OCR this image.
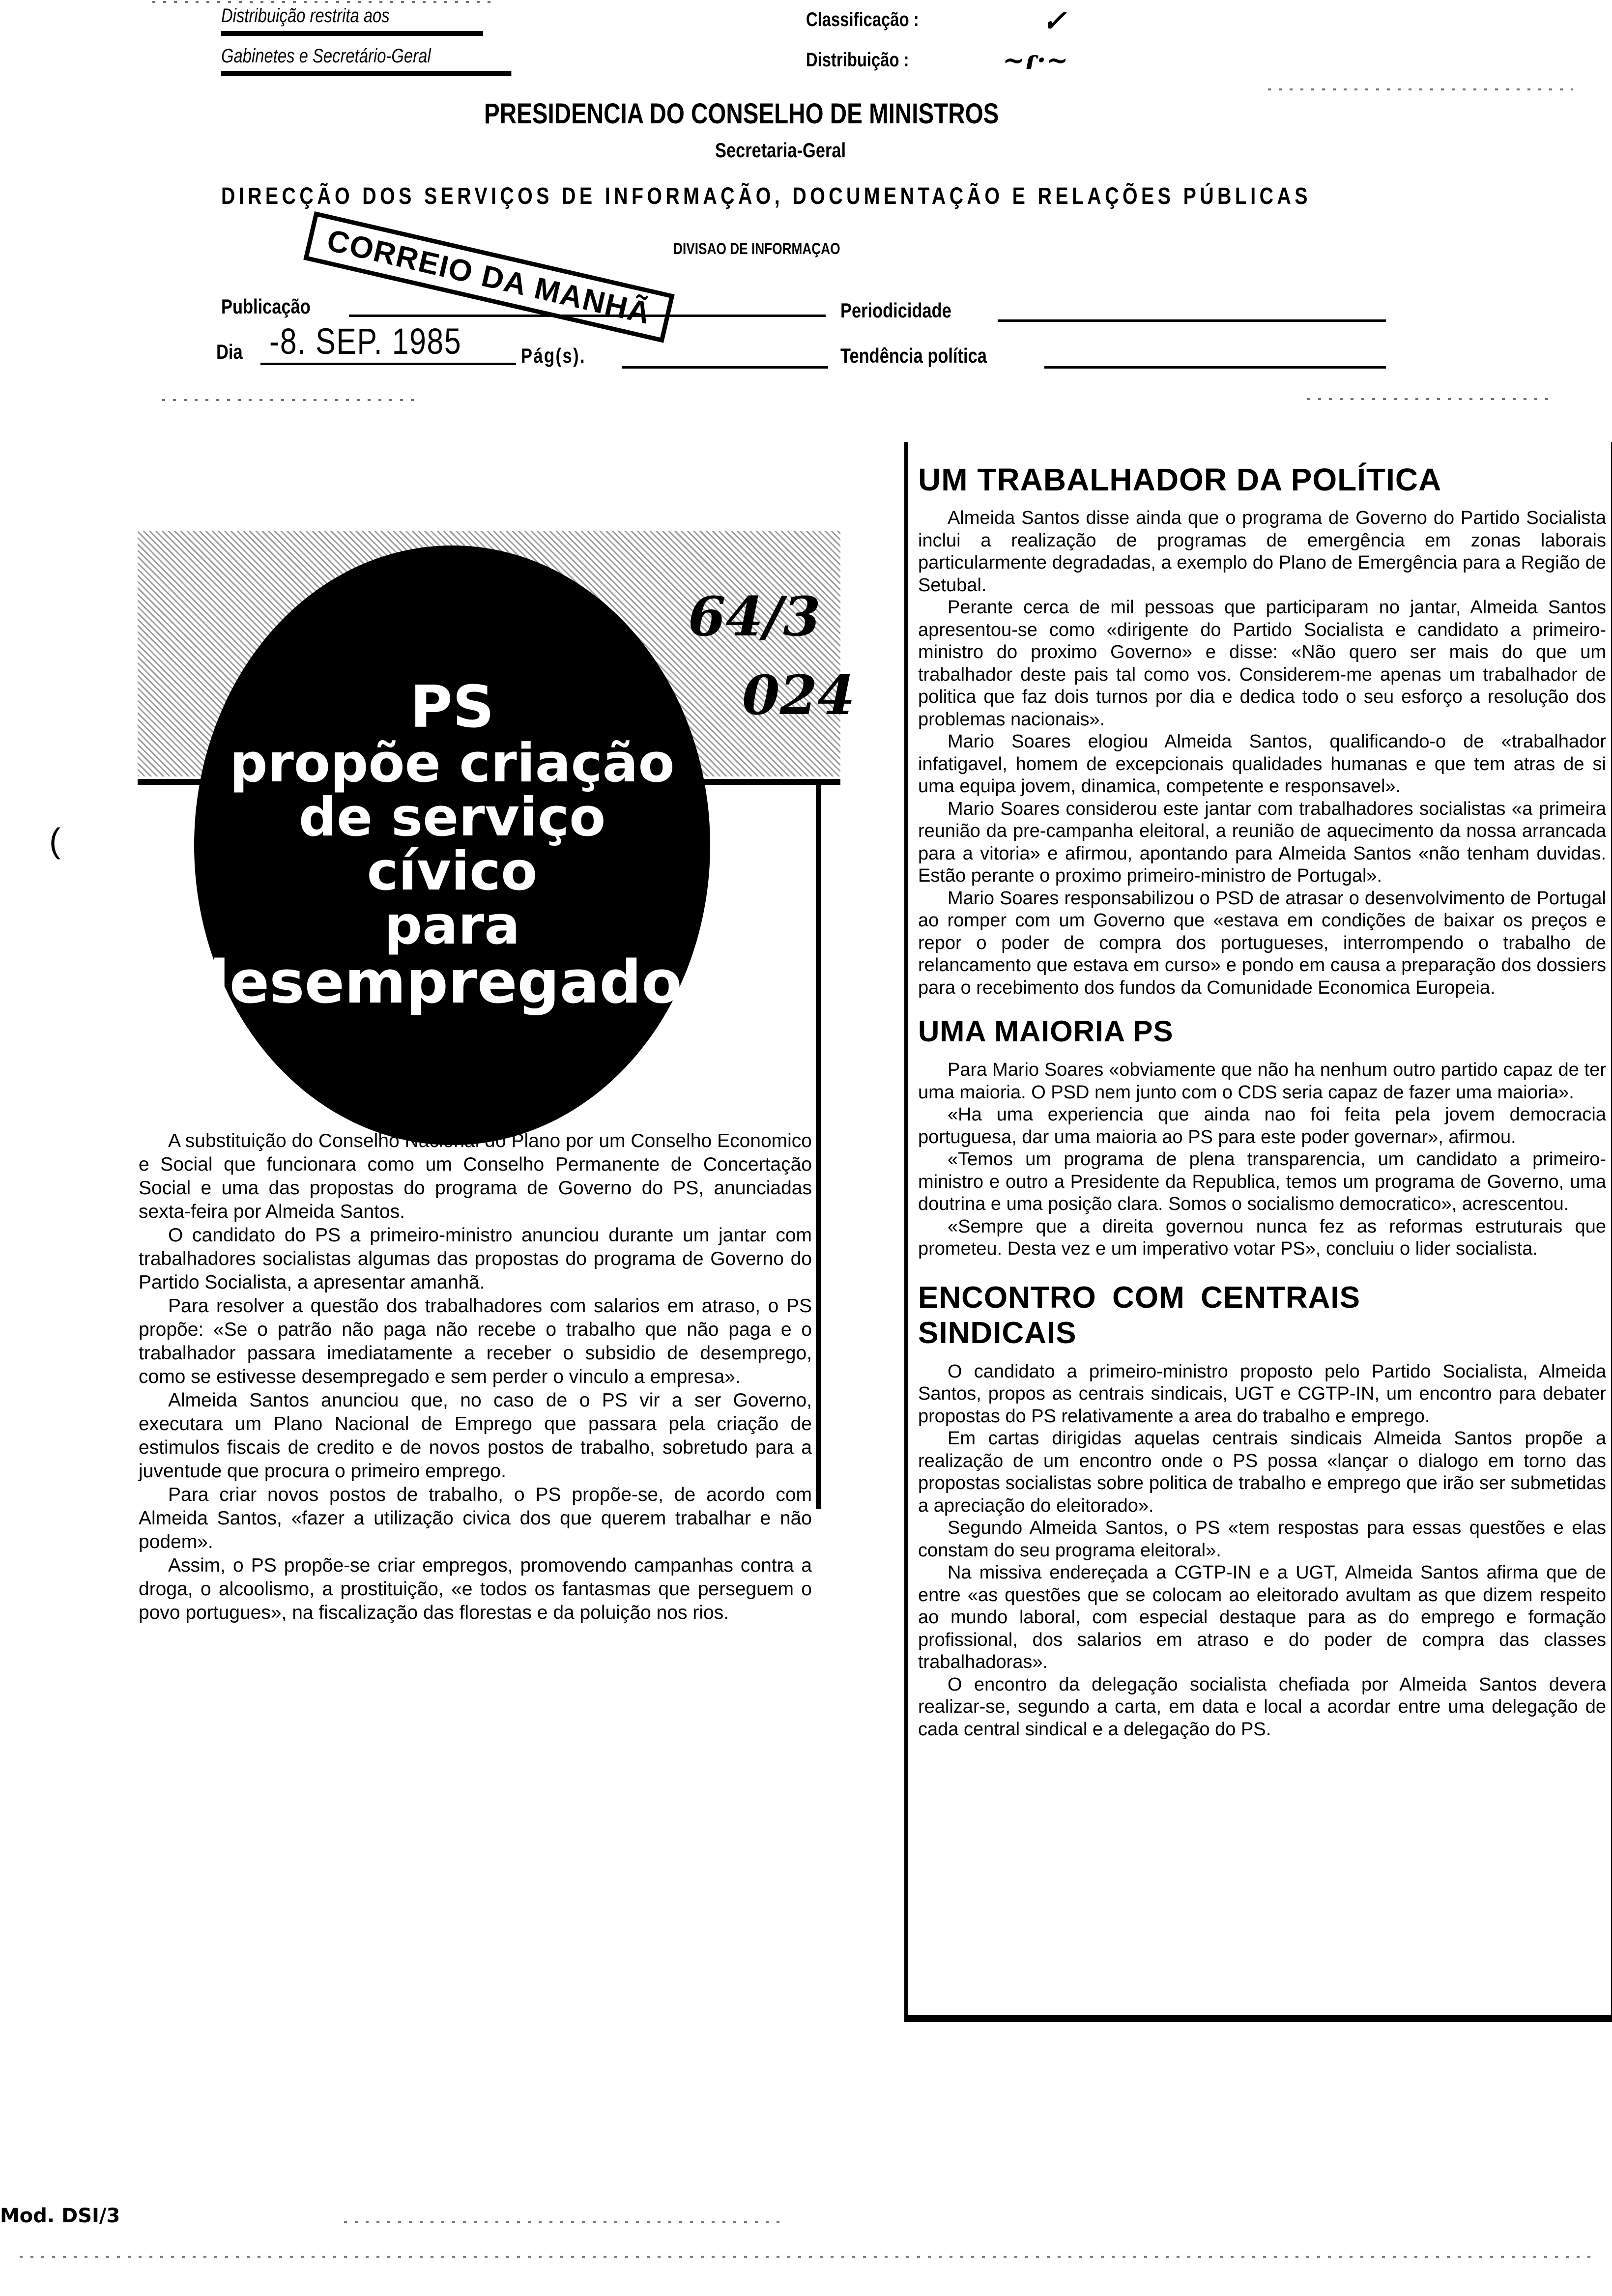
Distribuição restrita aos
Gabinetes e Secretário-Geral
Classificação :
Distribuição :
✓
~ɾ·~
PRESIDENCIA DO CONSELHO DE MINISTROS
Secretaria-Geral
DIRECÇÃO DOS SERVIÇOS DE INFORMAÇÃO, DOCUMENTAÇÃO E RELAÇÕES PÚBLICAS
CORREIO DA MANHÃ	DIVISAO DE INFORMAÇAO
Publicação	Periodicidade
Dia -8. SEP. 1985	Pág(s).	Tendência política
PS
propõe criação
de serviço
cívico
para
desempregados
64/3
024
(

A substituição do Conselho Nacional do Plano por um Conselho Economico e Social que funcionara como um Conselho Permanente de Concertação Social e uma das propostas do programa de Governo do PS, anunciadas sexta-feira por Almeida Santos.

O candidato do PS a primeiro-ministro anunciou durante um jantar com trabalhadores socialistas algumas das propostas do programa de Governo do Partido Socialista, a apresentar amanhã.

Para resolver a questão dos trabalhadores com salarios em atraso, o PS propõe: «Se o patrão não paga não recebe o trabalho que não paga e o trabalhador passara imediatamente a receber o subsidio de desemprego, como se estivesse desempregado e sem perder o vinculo a empresa».

Almeida Santos anunciou que, no caso de o PS vir a ser Governo, executara um Plano Nacional de Emprego que passara pela criação de estimulos fiscais de credito e de novos postos de trabalho, sobretudo para a juventude que procura o primeiro emprego.

Para criar novos postos de trabalho, o PS propõe-se, de acordo com Almeida Santos, «fazer a utilização civica dos que querem trabalhar e não podem».

Assim, o PS propõe-se criar empregos, promovendo campanhas contra a droga, o alcoolismo, a prostituição, «e todos os fantasmas que perseguem o povo portugues», na fiscalização das florestas e da poluição nos rios.

UM TRABALHADOR DA POLÍTICA

Almeida Santos disse ainda que o programa de Governo do Partido Socialista inclui a realização de programas de emergência em zonas laborais particularmente degradadas, a exemplo do Plano de Emergência para a Região de Setubal.

Perante cerca de mil pessoas que participaram no jantar, Almeida Santos apresentou-se como «dirigente do Partido Socialista e candidato a primeiro-ministro do proximo Governo» e disse: «Não quero ser mais do que um trabalhador deste pais tal como vos. Considerem-me apenas um trabalhador de politica que faz dois turnos por dia e dedica todo o seu esforço a resolução dos problemas nacionais».

Mario Soares elogiou Almeida Santos, qualificando-o de «trabalhador infatigavel, homem de excepcionais qualidades humanas e que tem atras de si uma equipa jovem, dinamica, competente e responsavel».

Mario Soares considerou este jantar com trabalhadores socialistas «a primeira reunião da pre-campanha eleitoral, a reunião de aquecimento da nossa arrancada para a vitoria» e afirmou, apontando para Almeida Santos «não tenham duvidas. Estão perante o proximo primeiro-ministro de Portugal».

Mario Soares responsabilizou o PSD de atrasar o desenvolvimento de Portugal ao romper com um Governo que «estava em condições de baixar os preços e repor o poder de compra dos portugueses, interrompendo o trabalho de relancamento que estava em curso» e pondo em causa a preparação dos dossiers para o recebimento dos fundos da Comunidade Economica Europeia.

UMA MAIORIA PS

Para Mario Soares «obviamente que não ha nenhum outro partido capaz de ter uma maioria. O PSD nem junto com o CDS seria capaz de fazer uma maioria».

«Ha uma experiencia que ainda nao foi feita pela jovem democracia portuguesa, dar uma maioria ao PS para este poder governar», afirmou.

«Temos um programa de plena transparencia, um candidato a primeiro-ministro e outro a Presidente da Republica, temos um programa de Governo, uma doutrina e uma posição clara. Somos o socialismo democratico», acrescentou.

«Sempre que a direita governou nunca fez as reformas estruturais que prometeu. Desta vez e um imperativo votar PS», concluiu o lider socialista.

ENCONTRO COM CENTRAIS SINDICAIS

O candidato a primeiro-ministro proposto pelo Partido Socialista, Almeida Santos, propos as centrais sindicais, UGT e CGTP-IN, um encontro para debater propostas do PS relativamente a area do trabalho e emprego.

Em cartas dirigidas aquelas centrais sindicais Almeida Santos propõe a realização de um encontro onde o PS possa «lançar o dialogo em torno das propostas socialistas sobre politica de trabalho e emprego que irão ser submetidas a apreciação do eleitorado».

Segundo Almeida Santos, o PS «tem respostas para essas questões e elas constam do seu programa eleitoral».

Na missiva endereçada a CGTP-IN e a UGT, Almeida Santos afirma que de entre «as questões que se colocam ao eleitorado avultam as que dizem respeito ao mundo laboral, com especial destaque para as do emprego e formação profissional, dos salarios em atraso e do poder de compra das classes trabalhadoras».

O encontro da delegação socialista chefiada por Almeida Santos devera realizar-se, segundo a carta, em data e local a acordar entre uma delegação de cada central sindical e a delegação do PS.

Mod. DSI/3
